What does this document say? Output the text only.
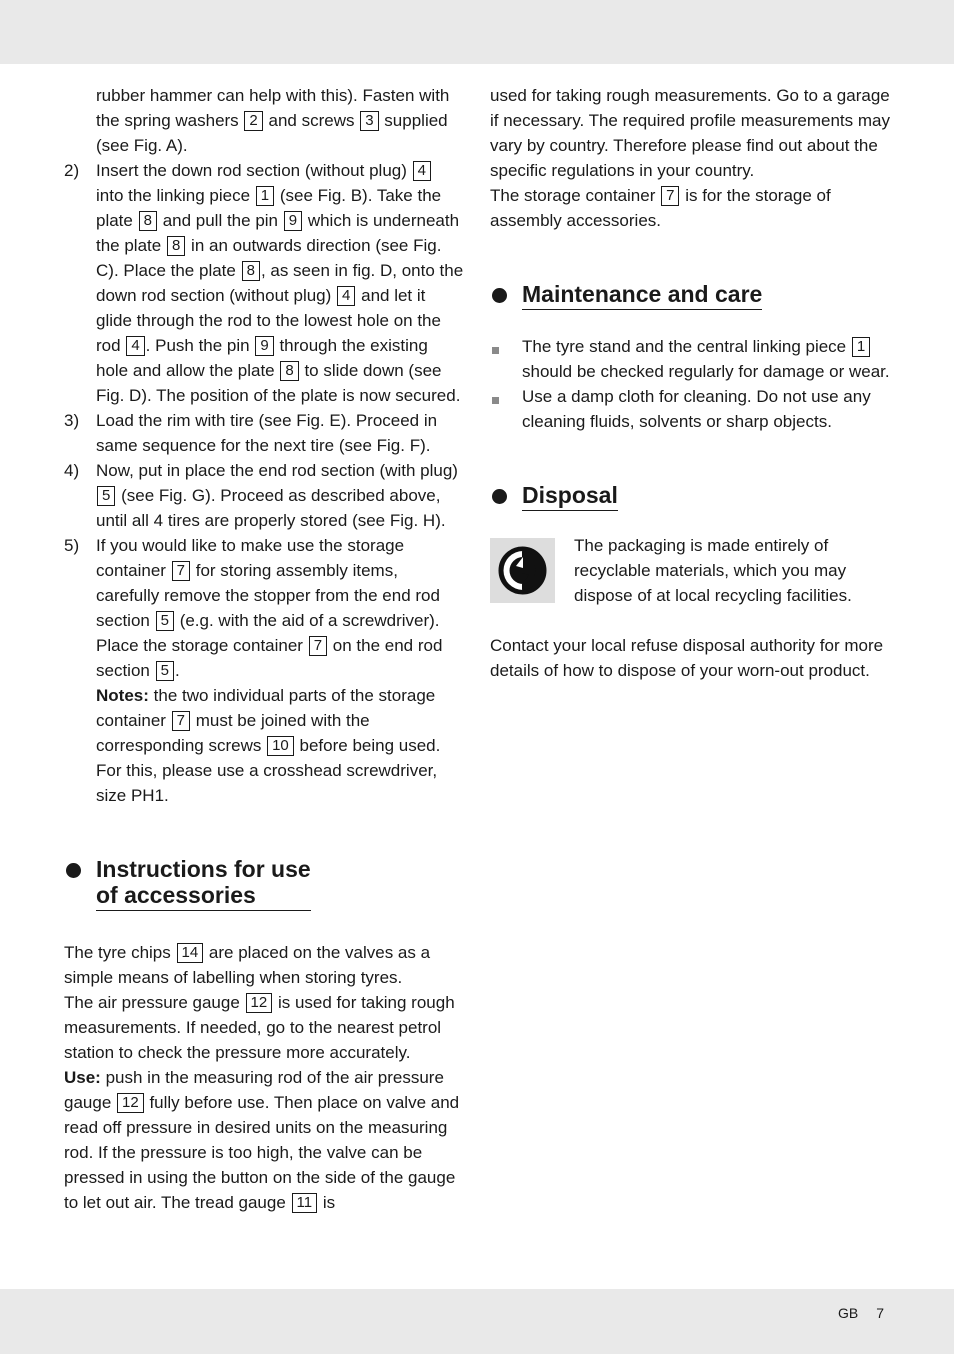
rubber hammer can help with this). Fasten with the spring washers 2 and screws 3 supplied (see Fig. A).

2) Insert the down rod section (without plug) 4 into the linking piece 1 (see Fig. B). Take the plate 8 and pull the pin 9 which is underneath the plate 8 in an outwards direction (see Fig. C). Place the plate 8 , as seen in fig. D, onto the down rod section (without plug) 4 and let it glide through the rod to the lowest hole on the rod 4 . Push the pin 9 through the existing hole and allow the plate 8 to slide down (see Fig. D). The position of the plate is now secured.
3) Load the rim with tire (see Fig. E). Proceed in same sequence for the next tire (see Fig. F).
4) Now, put in place the end rod section (with plug) 5 (see Fig. G). Proceed as described above, until all 4 tires are properly stored (see Fig. H).
5) If you would like to make use the storage container 7 for storing assembly items, carefully remove the stopper from the end rod section 5 (e.g. with the aid of a screwdriver). Place the storage container 7 on the end rod section 5 .

Notes: the two individual parts of the storage container 7 must be joined with the corresponding screws 10 before being used. For this, please use a crosshead screwdriver, size PH1.

Instructions for use
of accessories

The tyre chips 14 are placed on the valves as a simple means of labelling when storing tyres.

The air pressure gauge 12 is used for taking rough measurements. If needed, go to the nearest petrol station to check the pressure more accurately.

Use: push in the measuring rod of the air pressure gauge 12 fully before use. Then place on valve and read off pressure in desired units on the measuring rod. If the pressure is too high, the valve can be pressed in using the button on the side of the gauge to let out air. The tread gauge 11 is

used for taking rough measurements. Go to a garage if necessary. The required profile measurements may vary by country. Therefore please find out about the specific regulations in your country.

The storage container 7 is for the storage of assembly accessories.

Maintenance and care
The tyre stand and the central linking piece 1 should be checked regularly for damage or wear.
Use a damp cloth for cleaning. Do not use any cleaning fluids, solvents or sharp objects.
Disposal

The packaging is made entirely of recyclable materials, which you may dispose of at local recycling facilities.

Contact your local refuse disposal authority for more details of how to dispose of your worn-out product.

GB 7
